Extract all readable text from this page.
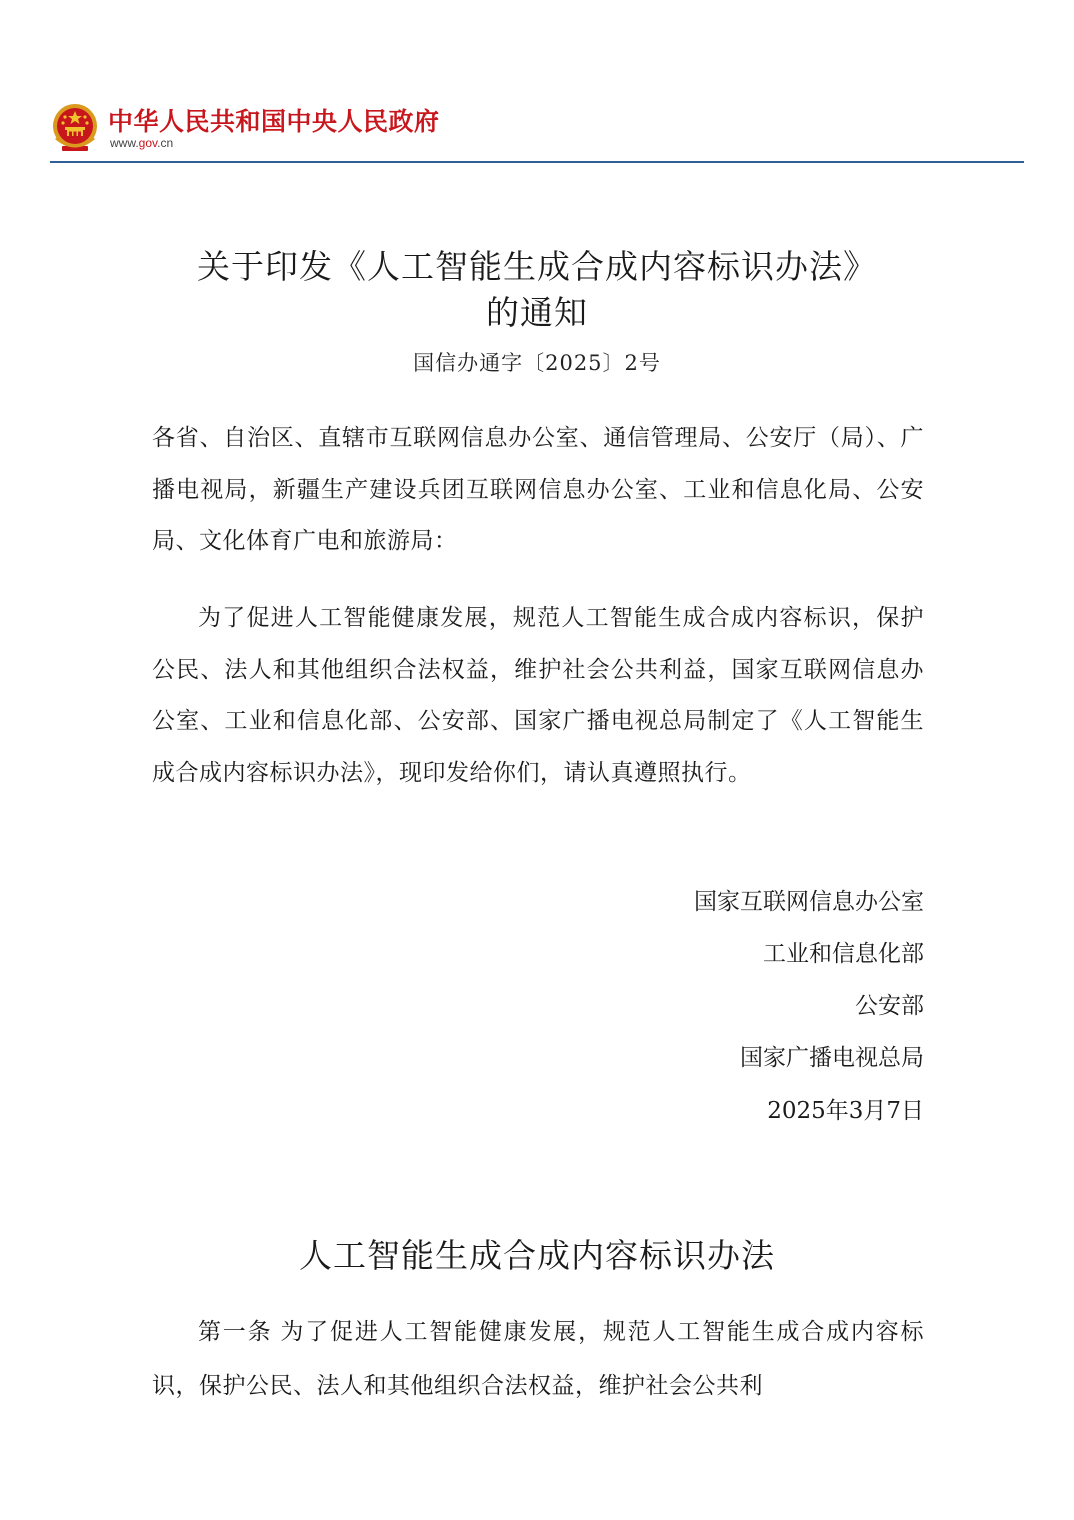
中华人民共和国中央人民政府
www.gov.cn
关于印发《人工智能生成合成内容标识办法》
的通知
国信办通字〔2025〕2号
各省、自治区、直辖市互联网信息办公室、通信管理局、公安厅（局）、广播电视局，新疆生产建设兵团互联网信息办公室、工业和信息化局、公安局、文化体育广电和旅游局：
为了促进人工智能健康发展，规范人工智能生成合成内容标识，保护公民、法人和其他组织合法权益，维护社会公共利益，国家互联网信息办公室、工业和信息化部、公安部、国家广播电视总局制定了《人工智能生成合成内容标识办法》，现印发给你们，请认真遵照执行。
国家互联网信息办公室
工业和信息化部
公安部
国家广播电视总局
2025年3月7日
人工智能生成合成内容标识办法
第一条 为了促进人工智能健康发展，规范人工智能生成合成内容标识，保护公民、法人和其他组织合法权益，维护社会公共利
